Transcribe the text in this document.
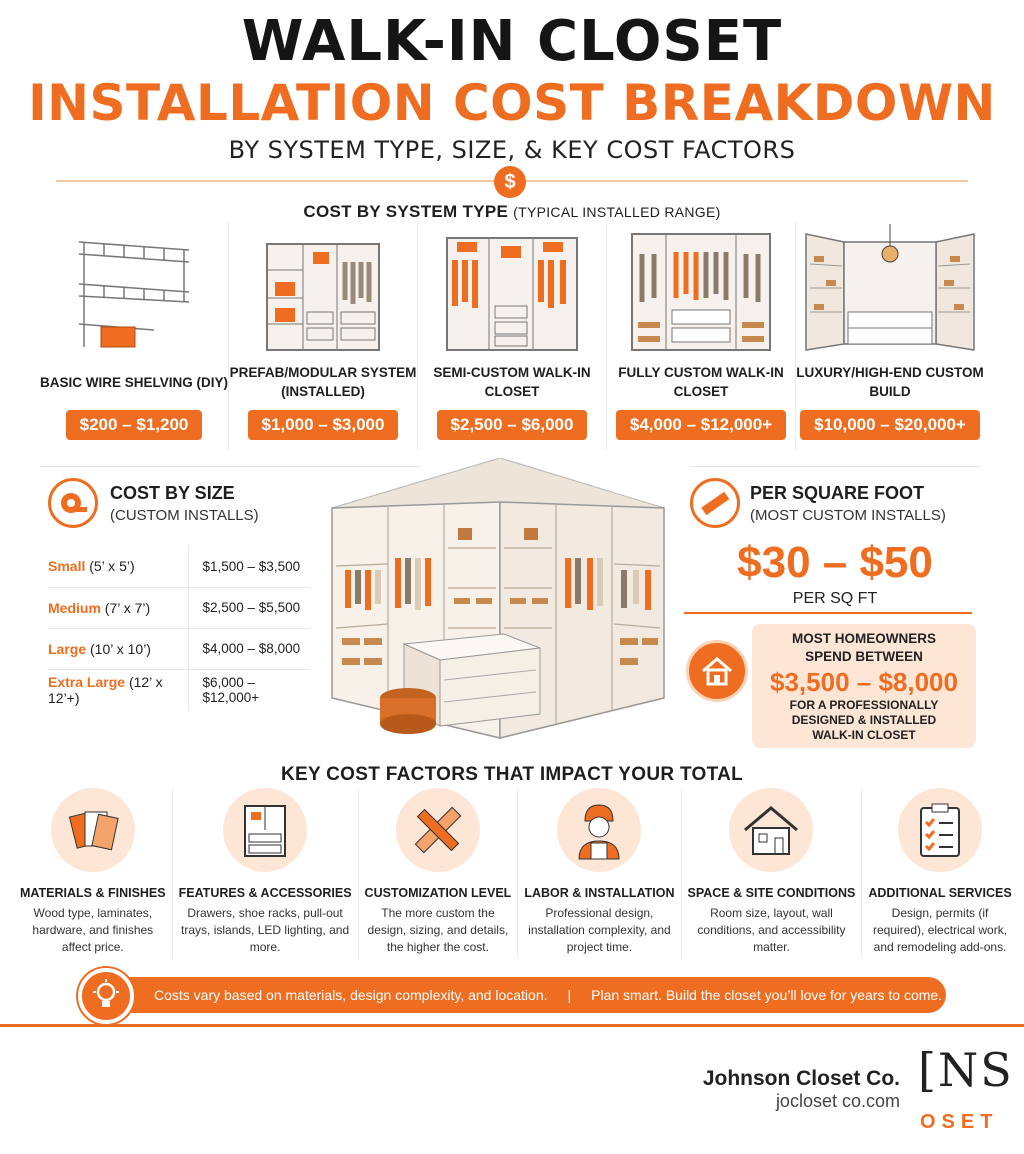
WALK-IN CLOSET
INSTALLATION COST BREAKDOWN
BY SYSTEM TYPE, SIZE, & KEY COST FACTORS
$
COST BY SYSTEM TYPE (TYPICAL INSTALLED RANGE)
BASIC WIRE SHELVING (DIY)
$200 – $1,200
PREFAB/MODULAR SYSTEM (INSTALLED)
$1,000 – $3,000
SEMI-CUSTOM WALK-IN CLOSET
$2,500 – $6,000
FULLY CUSTOM WALK-IN CLOSET
$4,000 – $12,000+
LUXURY/HIGH-END CUSTOM BUILD
$10,000 – $20,000+
COST BY SIZE
(CUSTOM INSTALLS)
Small (5’ x 5’)	$1,500 – $3,500
Medium (7’ x 7’)	$2,500 – $5,500
Large (10’ x 10’)	$4,000 – $8,000
Extra Large (12’ x 12’+)	$6,000 – $12,000+
PER SQUARE FOOT
(MOST CUSTOM INSTALLS)
$30 – $50
PER SQ FT
MOST HOMEOWNERS
SPEND BETWEEN
$3,500 – $8,000
FOR A PROFESSIONALLY
DESIGNED & INSTALLED
WALK-IN CLOSET
KEY COST FACTORS THAT IMPACT YOUR TOTAL
MATERIALS & FINISHES
Wood type, laminates, hardware, and finishes affect price.
FEATURES & ACCESSORIES
Drawers, shoe racks, pull-out trays, islands, LED lighting, and more.
CUSTOMIZATION LEVEL
The more custom the design, sizing, and details, the higher the cost.
LABOR & INSTALLATION
Professional design, installation complexity, and project time.
SPACE & SITE CONDITIONS
Room size, layout, wall conditions, and accessibility matter.
ADDITIONAL SERVICES
Design, permits (if required), electrical work, and remodeling add-ons.
Costs vary based on materials, design complexity, and location. | Plan smart. Build the closet you’ll love for years to come.
Johnson Closet Co.
jocloset co.com
[NS
OSET
